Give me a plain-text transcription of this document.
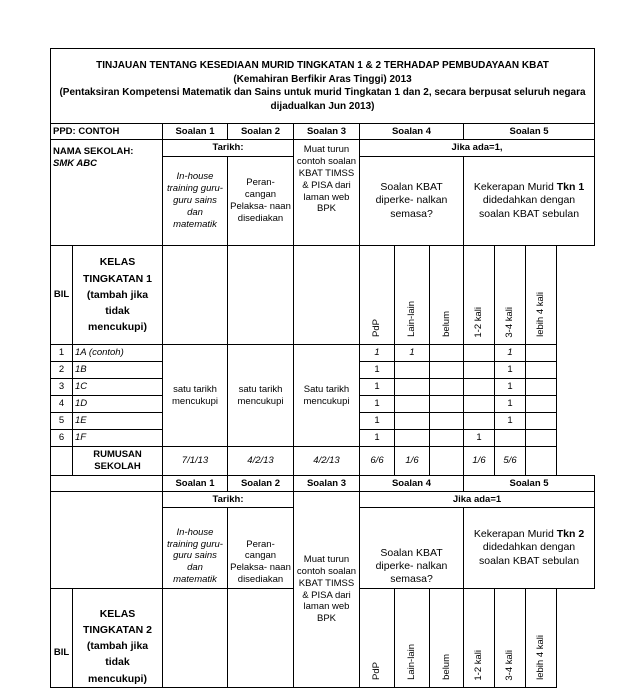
TINJAUAN TENTANG KESEDIAAN MURID TINGKATAN 1 & 2 TERHADAP PEMBUDAYAAN KBAT
(Kemahiran Berfikir Aras Tinggi) 2013
(Pentaksiran Kompetensi Matematik dan Sains untuk murid Tingkatan 1 dan 2, secara berpusat seluruh negara dijadualkan Jun 2013)										

PPD: CONTOH		Soalan 1	Soalan 2	Soalan 3	Soalan 4			Soalan 5		

NAMA SEKOLAH:
SMK ABC		Tarikh:		Muat turun contoh soalan KBAT TIMSS & PISA dari laman web BPK	Jika ada=1,					
		In-house training guru-guru sains dan matematik	Peran- cangan Pelaksa- naan disediakan		Soalan KBAT diperke- nalkan semasa?			Kekerapan Murid Tkn 1 didedahkan dengan soalan KBAT sebulan		

BIL	KELAS
TINGKATAN 1
(tambah jika
tidak
mencukupi)				PdP	Lain-lain	belum	1-2 kali	3-4 kali	lebih 4 kali
1	1A (contoh)	satu tarikh mencukupi	satu tarikh mencukupi	Satu tarikh mencukupi	1	1			1	
2	1B				1				1	
3	1C				1				1	
4	1D				1				1	
5	1E				1				1	
6	1F				1			1		

	RUMUSAN
SEKOLAH	7/1/13	4/2/13	4/2/13	6/6	1/6		1/6	5/6	
		Soalan 1	Soalan 2	Soalan 3	Soalan 4			Soalan 5		
		Tarikh:		Muat turun contoh soalan KBAT TIMSS & PISA dari laman web BPK	Jika ada=1					
		In-house training guru-guru sains dan matematik	Peran- cangan Pelaksa- naan disediakan		Soalan KBAT diperke- nalkan semasa?			Kekerapan Murid Tkn 2 didedahkan dengan soalan KBAT sebulan		

BIL	KELAS
TINGKATAN 2
(tambah jika
tidak
mencukupi)				PdP	Lain-lain	belum	1-2 kali	3-4 kali	lebih 4 kali
